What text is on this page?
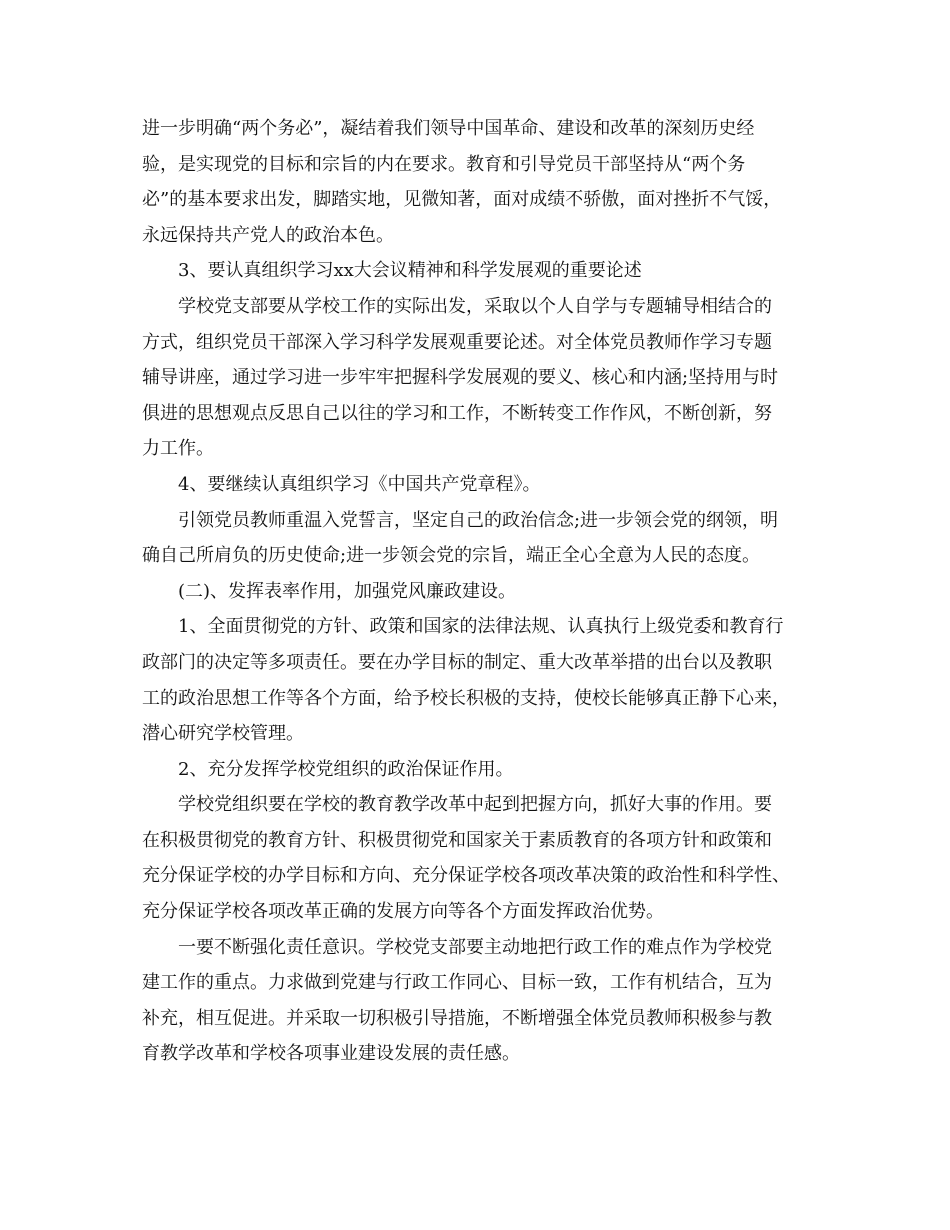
进一步明确“两个务必”，凝结着我们领导中国革命、建设和改革的深刻历史经
验，是实现党的目标和宗旨的内在要求。教育和引导党员干部坚持从“两个务
必”的基本要求出发，脚踏实地，见微知著，面对成绩不骄傲，面对挫折不气馁，
永远保持共产党人的政治本色。
3、要认真组织学习xx大会议精神和科学发展观的重要论述
学校党支部要从学校工作的实际出发，采取以个人自学与专题辅导相结合的
方式，组织党员干部深入学习科学发展观重要论述。对全体党员教师作学习专题
辅导讲座，通过学习进一步牢牢把握科学发展观的要义、核心和内涵;坚持用与时
俱进的思想观点反思自己以往的学习和工作，不断转变工作作风，不断创新，努
力工作。
4、要继续认真组织学习《中国共产党章程》。
引领党员教师重温入党誓言，坚定自己的政治信念;进一步领会党的纲领，明
确自己所肩负的历史使命;进一步领会党的宗旨，端正全心全意为人民的态度。
(二)、发挥表率作用，加强党风廉政建设。
1、全面贯彻党的方针、政策和国家的法律法规、认真执行上级党委和教育行
政部门的决定等多项责任。要在办学目标的制定、重大改革举措的出台以及教职
工的政治思想工作等各个方面，给予校长积极的支持，使校长能够真正静下心来，
潜心研究学校管理。
2、充分发挥学校党组织的政治保证作用。
学校党组织要在学校的教育教学改革中起到把握方向，抓好大事的作用。要
在积极贯彻党的教育方针、积极贯彻党和国家关于素质教育的各项方针和政策和
充分保证学校的办学目标和方向、充分保证学校各项改革决策的政治性和科学性、
充分保证学校各项改革正确的发展方向等各个方面发挥政治优势。
一要不断强化责任意识。学校党支部要主动地把行政工作的难点作为学校党
建工作的重点。力求做到党建与行政工作同心、目标一致，工作有机结合，互为
补充，相互促进。并采取一切积极引导措施，不断增强全体党员教师积极参与教
育教学改革和学校各项事业建设发展的责任感。
